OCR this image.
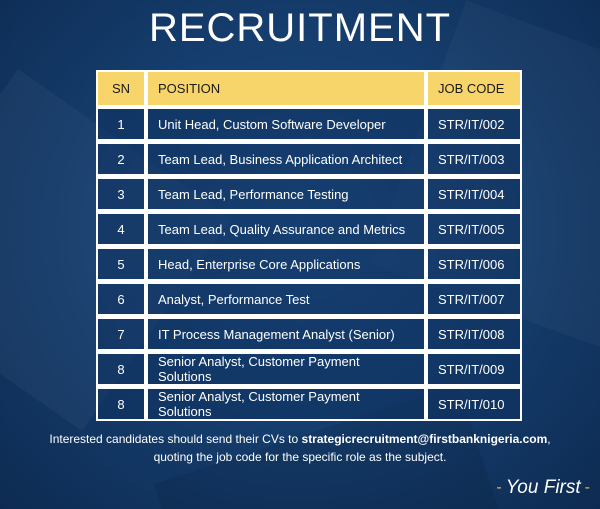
RECRUITMENT
SN	POSITION	JOB CODE
1	Unit Head, Custom Software Developer	STR/IT/002
2	Team Lead, Business Application Architect	STR/IT/003
3	Team Lead, Performance Testing	STR/IT/004
4	Team Lead, Quality Assurance and Metrics	STR/IT/005
5	Head, Enterprise Core Applications	STR/IT/006
6	Analyst, Performance Test	STR/IT/007
7	IT Process Management Analyst (Senior)	STR/IT/008
8	Senior Analyst, Customer Payment Solutions	STR/IT/009
8	Senior Analyst, Customer Payment Solutions	STR/IT/010
Interested candidates should send their CVs to strategicrecruitment@firstbanknigeria.com,
quoting the job code for the specific role as the subject.
- You First -
